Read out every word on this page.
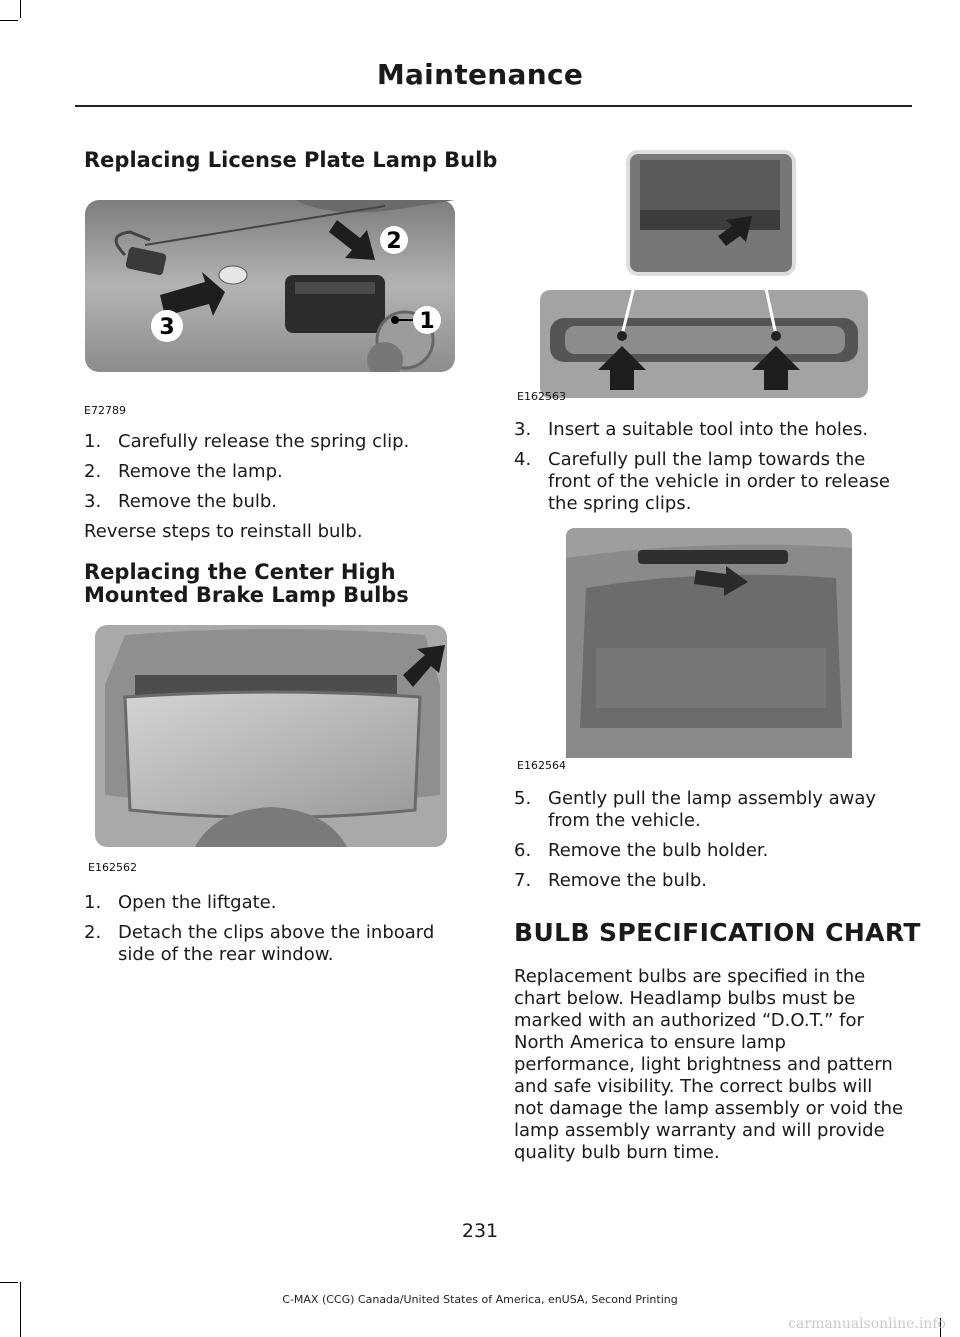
Maintenance
Replacing License Plate Lamp Bulb
2
3	1
E72789
1. Carefully release the spring clip.
2. Remove the lamp.
3. Remove the bulb.

Reverse steps to reinstall bulb.

Replacing the Center High
Mounted Brake Lamp Bulbs
E162562
1. Open the liftgate.
2. Detach the clips above the inboard side of the rear window.
E162563
3. Insert a suitable tool into the holes.
4. Carefully pull the lamp towards the front of the vehicle in order to release the spring clips.
E162564
5. Gently pull the lamp assembly away from the vehicle.
6. Remove the bulb holder.
7. Remove the bulb.
BULB SPECIFICATION CHART

Replacement bulbs are specified in the chart below. Headlamp bulbs must be marked with an authorized “D.O.T.” for North America to ensure lamp performance, light brightness and pattern and safe visibility. The correct bulbs will not damage the lamp assembly or void the lamp assembly warranty and will provide quality bulb burn time.

231
C-MAX (CCG) Canada/United States of America, enUSA, Second Printing
carmanualsonline.info
